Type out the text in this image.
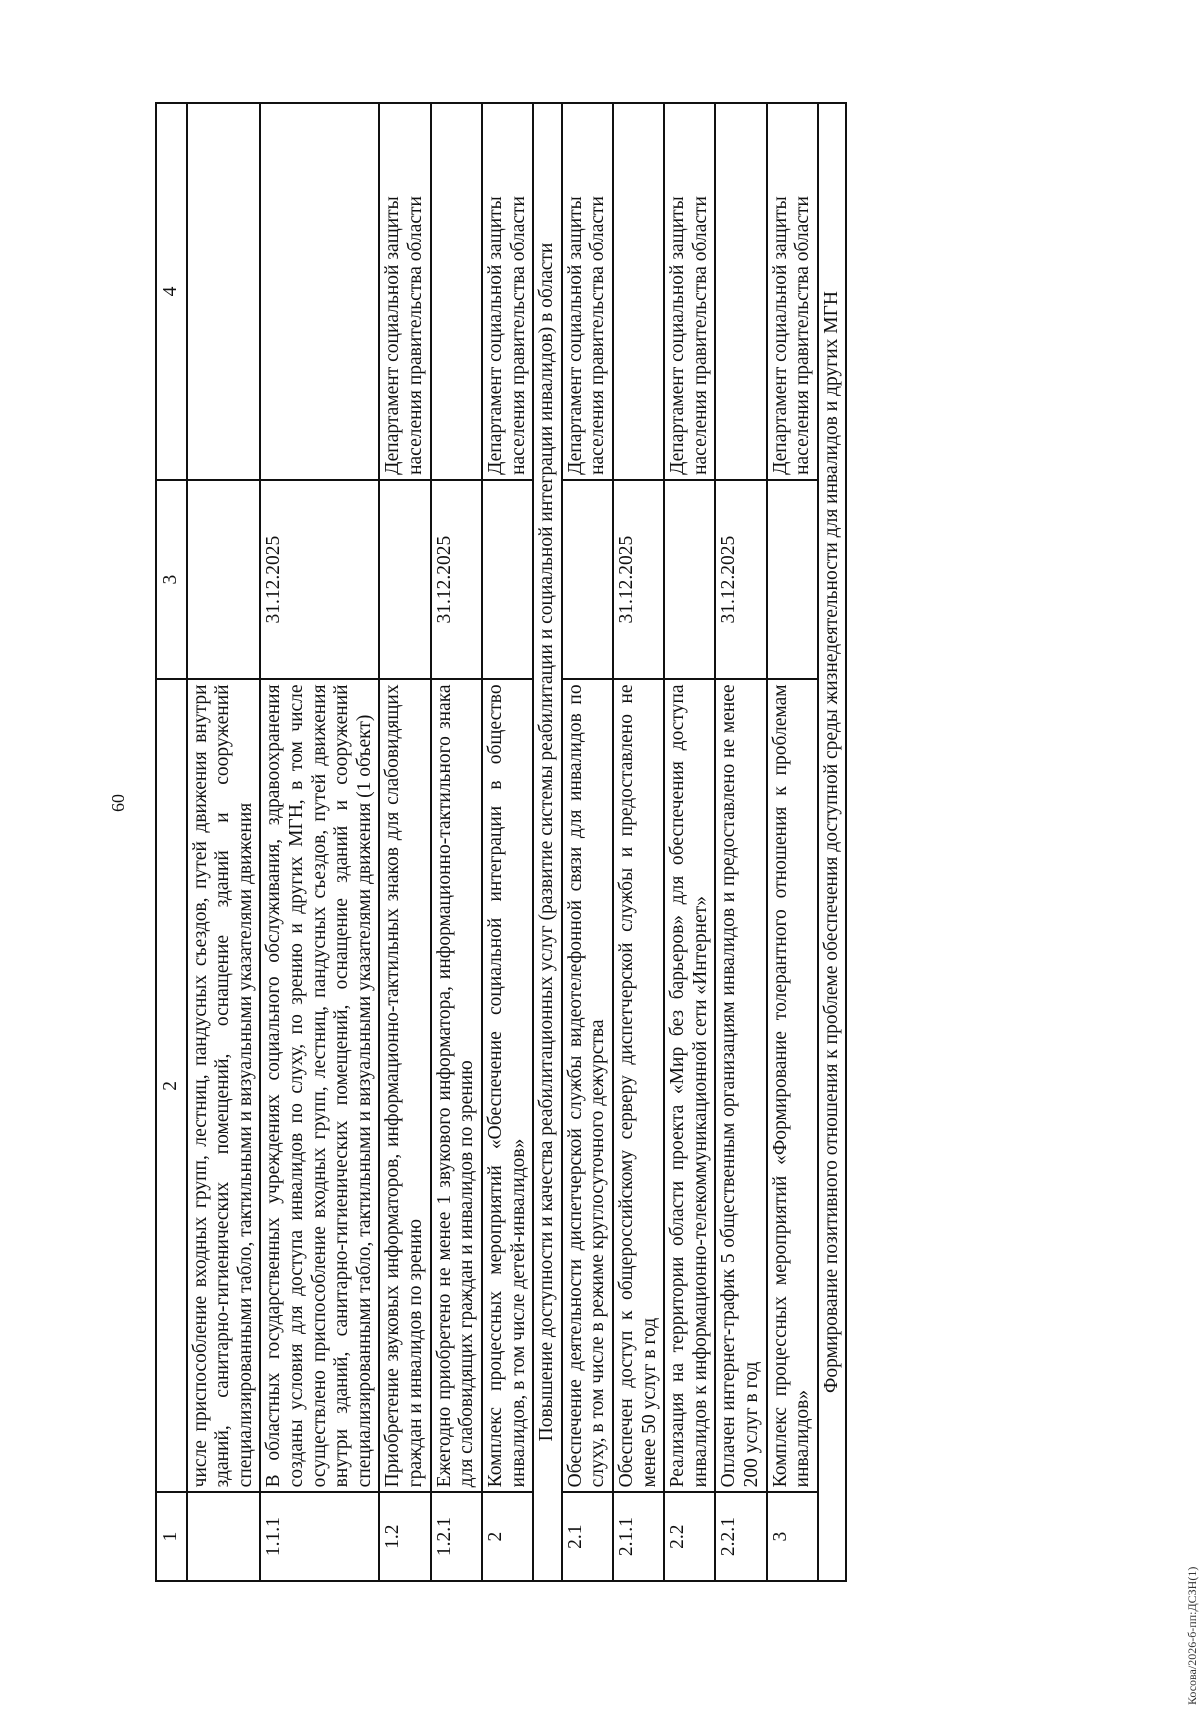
60
1	2	3	4
	числе приспособление входных групп, лестниц, пандусных съездов, путей движения внутри зданий, санитарно-гигиенических помещений, оснащение зданий и сооружений специализированными табло, тактильными и визуальными указателями движения		
1.1.1	В областных государственных учреждениях социального обслуживания, здравоохранения созданы условия для доступа инвалидов по слуху, по зрению и других МГН, в том числе осуществлено приспособление входных групп, лестниц, пандусных съездов, путей движения внутри зданий, санитарно-гигиенических помещений, оснащение зданий и сооружений специализированными табло, тактильными и визуальными указателями движения (1 объект)	31.12.2025	
1.2	Приобретение звуковых информаторов, информационно-тактильных знаков для слабовидящих граждан и инвалидов по зрению		Департамент социальной защиты населения правительства области
1.2.1	Ежегодно приобретено не менее 1 звукового информатора, информационно-тактильного знака для слабовидящих граждан и инвалидов по зрению	31.12.2025	
2	Комплекс процессных мероприятий «Обеспечение социальной интеграции в общество инвалидов, в том числе детей-инвалидов»		Департамент социальной защиты населения правительства области
Повышение доступности и качества реабилитационных услуг (развитие системы реабилитации и социальной интеграции инвалидов) в области			
2.1	Обеспечение деятельности диспетчерской службы видеотелефонной связи для инвалидов по слуху, в том числе в режиме круглосуточного дежурства		Департамент социальной защиты населения правительства области
2.1.1	Обеспечен доступ к общероссийскому серверу диспетчерской службы и предоставлено не менее 50 услуг в год	31.12.2025	
2.2	Реализация на территории области проекта «Мир без барьеров» для обеспечения доступа инвалидов к информационно-телекоммуникационной сети «Интернет»		Департамент социальной защиты населения правительства области
2.2.1	Оплачен интернет-трафик 5 общественным организациям инвалидов и предоставлено не менее 200 услуг в год	31.12.2025	
3	Комплекс процессных мероприятий «Формирование толерантного отношения к проблемам инвалидов»		Департамент социальной защиты населения правительства области
Формирование позитивного отношения к проблеме обеспечения доступной среды жизнедеятельности для инвалидов и других МГН			
Косова/2026-б-пп:ДСЗН(1)
